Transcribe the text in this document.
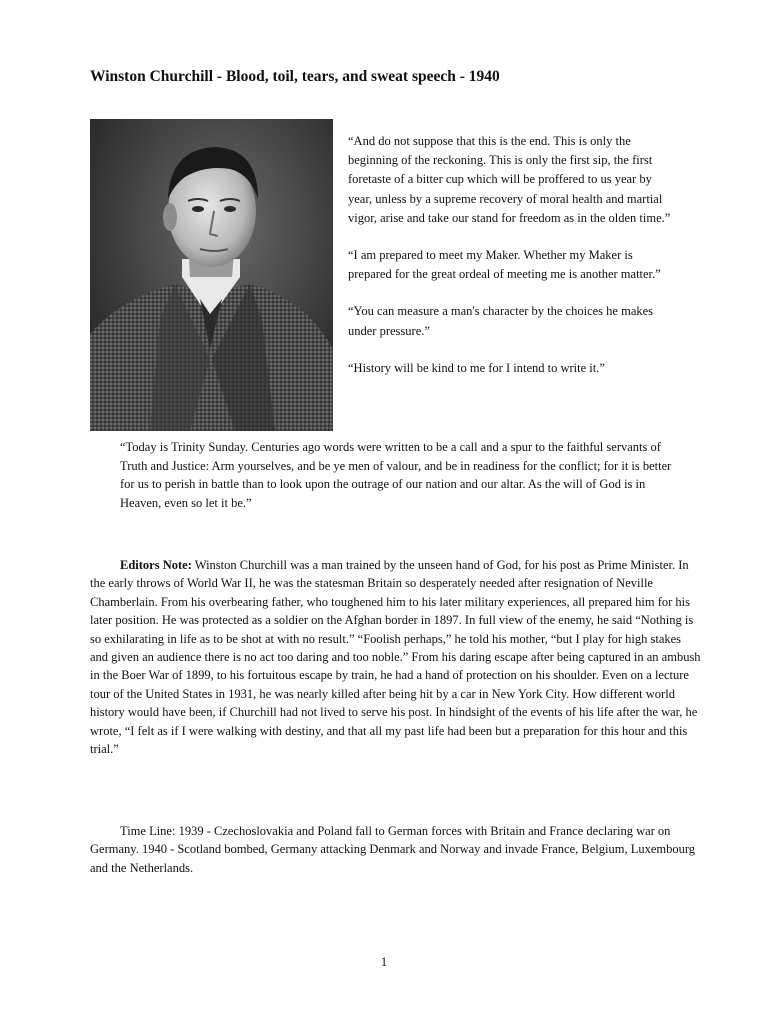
Winston Churchill - Blood, toil, tears, and sweat speech - 1940

“And do not suppose that this is the end. This is only the beginning of the reckoning. This is only the first sip, the first foretaste of a bitter cup which will be proffered to us year by year, unless by a supreme recovery of moral health and martial vigor, arise and take our stand for freedom as in the olden time.”

“I am prepared to meet my Maker. Whether my Maker is prepared for the great ordeal of meeting me is another matter.”

“You can measure a man's character by the choices he makes under pressure.”

“History will be kind to me for I intend to write it.”

“Today is Trinity Sunday. Centuries ago words were written to be a call and a spur to the faithful servants of Truth and Justice: Arm yourselves, and be ye men of valour, and be in readiness for the conflict; for it is better for us to perish in battle than to look upon the outrage of our nation and our altar. As the will of God is in Heaven, even so let it be.”

Editors Note: Winston Churchill was a man trained by the unseen hand of God, for his post as Prime Minister. In the early throws of World War II, he was the statesman Britain so desperately needed after resignation of Neville Chamberlain. From his overbearing father, who toughened him to his later military experiences, all prepared him for his later position. He was protected as a soldier on the Afghan border in 1897. In full view of the enemy, he said “Nothing is so exhilarating in life as to be shot at with no result.” “Foolish perhaps,” he told his mother, “but I play for high stakes and given an audience there is no act too daring and too noble.” From his daring escape after being captured in an ambush in the Boer War of 1899, to his fortuitous escape by train, he had a hand of protection on his shoulder. Even on a lecture tour of the United States in 1931, he was nearly killed after being hit by a car in New York City. How different world history would have been, if Churchill had not lived to serve his post. In hindsight of the events of his life after the war, he wrote, “I felt as if I were walking with destiny, and that all my past life had been but a preparation for this hour and this trial.”

Time Line: 1939 - Czechoslovakia and Poland fall to German forces with Britain and France declaring war on Germany. 1940 - Scotland bombed, Germany attacking Denmark and Norway and invade France, Belgium, Luxembourg and the Netherlands.

1
